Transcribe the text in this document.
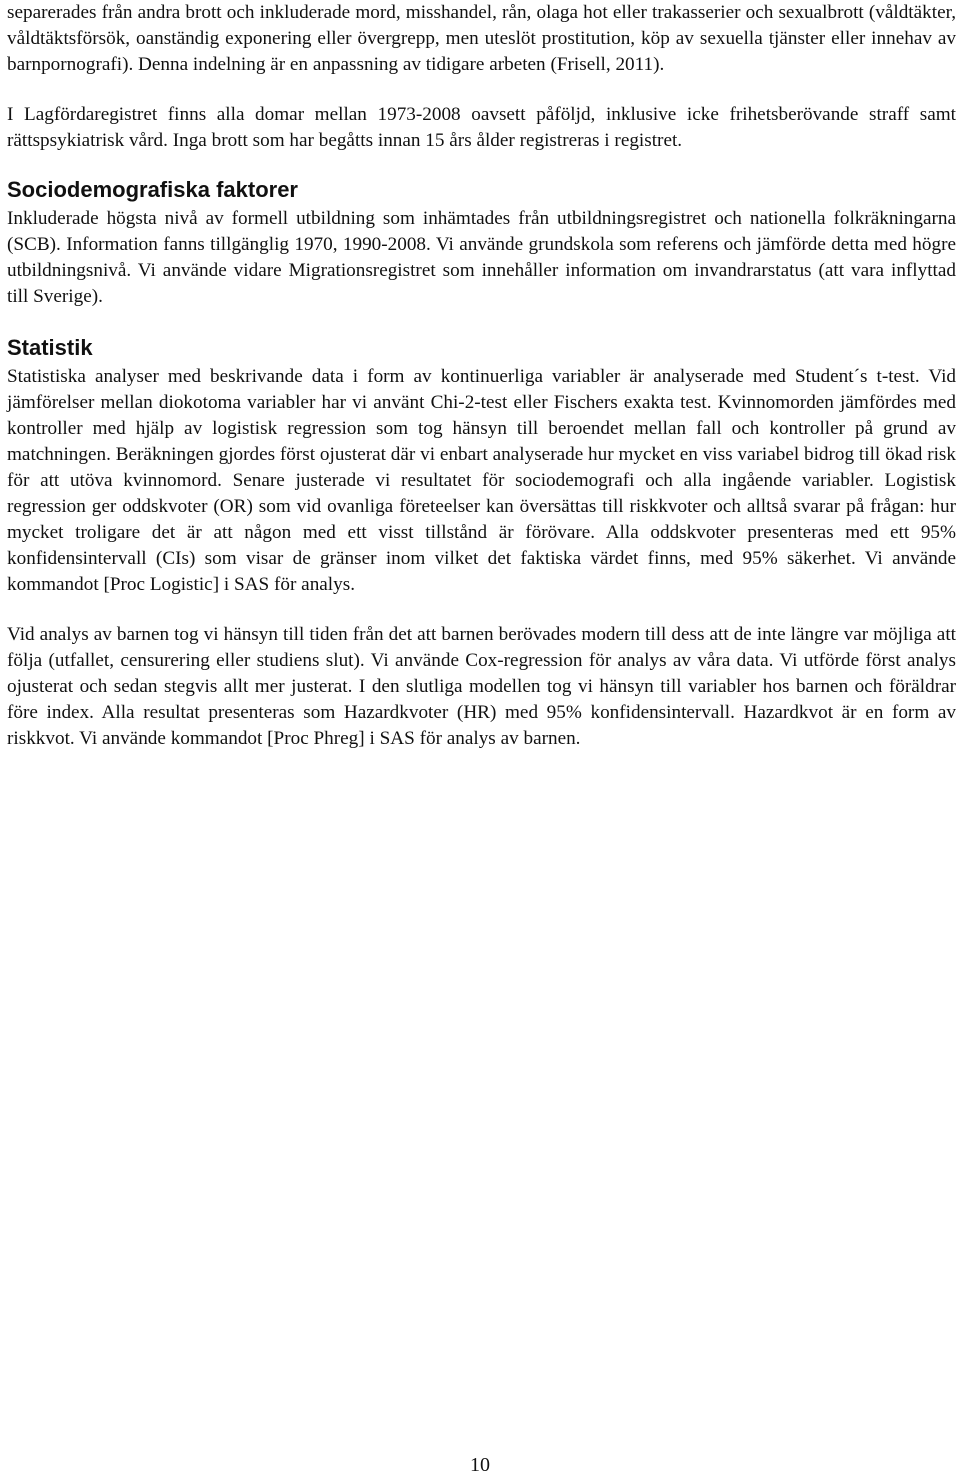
separerades från andra brott och inkluderade mord, misshandel, rån, olaga hot eller trakasserier och sexualbrott (våldtäkter, våldtäktsförsök, oanständig exponering eller övergrepp, men uteslöt prostitution, köp av sexuella tjänster eller innehav av barnpornografi). Denna indelning är en anpassning av tidigare arbeten (Frisell, 2011).

I Lagfördaregistret finns alla domar mellan 1973-2008 oavsett påföljd, inklusive icke frihetsberövande straff samt rättspsykiatrisk vård. Inga brott som har begåtts innan 15 års ålder registreras i registret.

Sociodemografiska faktorer

Inkluderade högsta nivå av formell utbildning som inhämtades från utbildningsregistret och nationella folkräkningarna (SCB). Information fanns tillgänglig 1970, 1990-2008. Vi använde grundskola som referens och jämförde detta med högre utbildningsnivå. Vi använde vidare Migrationsregistret som innehåller information om invandrarstatus (att vara inflyttad till Sverige).

Statistik

Statistiska analyser med beskrivande data i form av kontinuerliga variabler är analyserade med Student´s t-test. Vid jämförelser mellan diokotoma variabler har vi använt Chi-2-test eller Fischers exakta test. Kvinnomorden jämfördes med kontroller med hjälp av logistisk regression som tog hänsyn till beroendet mellan fall och kontroller på grund av matchningen. Beräkningen gjordes först ojusterat där vi enbart analyserade hur mycket en viss variabel bidrog till ökad risk för att utöva kvinnomord. Senare justerade vi resultatet för sociodemografi och alla ingående variabler. Logistisk regression ger oddskvoter (OR) som vid ovanliga företeelser kan översättas till riskkvoter och alltså svarar på frågan: hur mycket troligare det är att någon med ett visst tillstånd är förövare. Alla oddskvoter presenteras med ett 95% konfidensintervall (CIs) som visar de gränser inom vilket det faktiska värdet finns, med 95% säkerhet. Vi använde kommandot [Proc Logistic] i SAS för analys.

Vid analys av barnen tog vi hänsyn till tiden från det att barnen berövades modern till dess att de inte längre var möjliga att följa (utfallet, censurering eller studiens slut). Vi använde Cox-regression för analys av våra data. Vi utförde först analys ojusterat och sedan stegvis allt mer justerat. I den slutliga modellen tog vi hänsyn till variabler hos barnen och föräldrar före index. Alla resultat presenteras som Hazardkvoter (HR) med 95% konfidensintervall. Hazardkvot är en form av riskkvot. Vi använde kommandot [Proc Phreg] i SAS för analys av barnen.

10
